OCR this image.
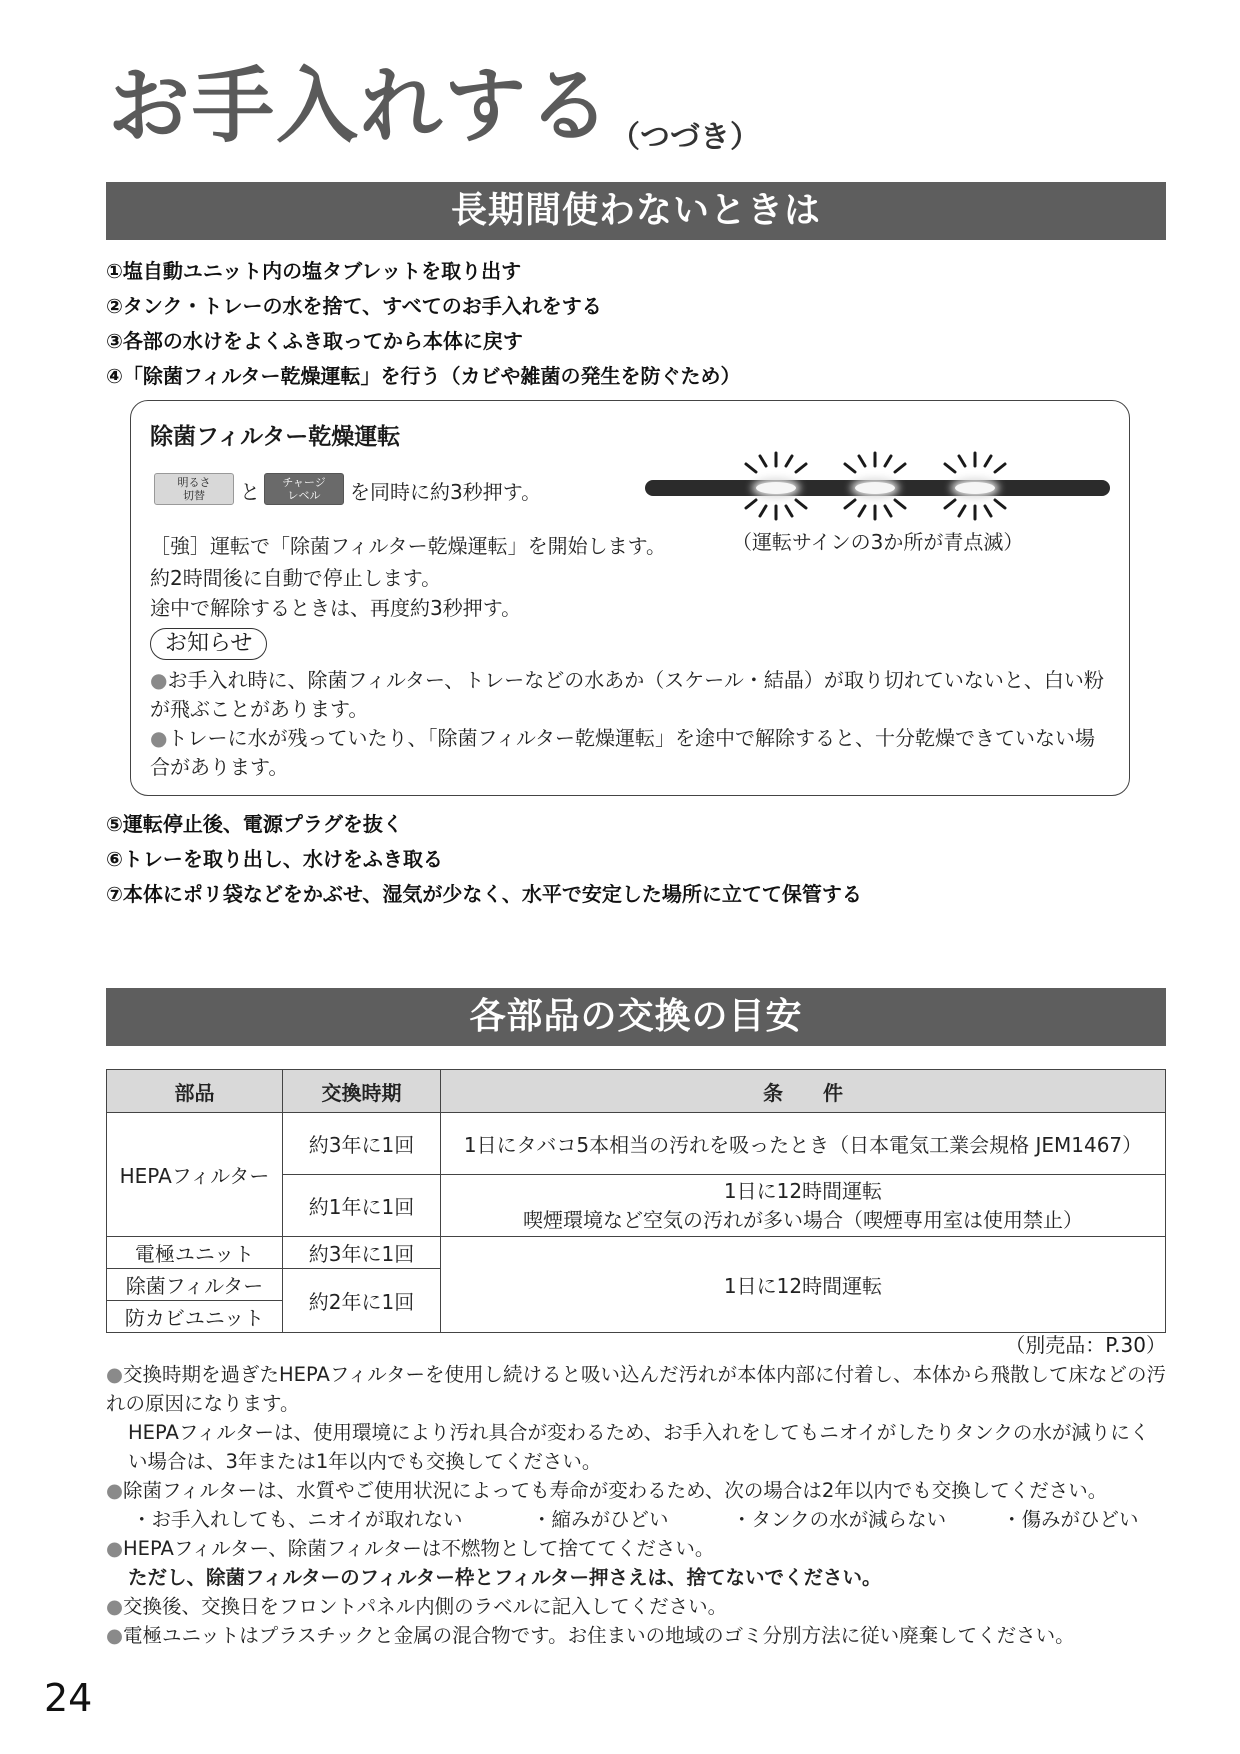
お手入れする
（つづき）
長期間使わないときは
①塩自動ユニット内の塩タブレットを取り出す
②タンク・トレーの水を捨て、すべてのお手入れをする
③各部の水けをよくふき取ってから本体に戻す
④「除菌フィルター乾燥運転」を行う（カビや雑菌の発生を防ぐため）
除菌フィルター乾燥運転
明るさ
切替 と チャージ
レベル を同時に約3秒押す。
［強］運転で「除菌フィルター乾燥運転」を開始します。
約2時間後に自動で停止します。
途中で解除するときは、再度約3秒押す。
（運転サインの3か所が青点滅）
お知らせ
●お手入れ時に、除菌フィルター、トレーなどの水あか（スケール・結晶）が取り切れていないと、白い粉が飛ぶことがあります。
●トレーに水が残っていたり、「除菌フィルター乾燥運転」を途中で解除すると、十分乾燥できていない場合があります。
⑤運転停止後、電源プラグを抜く
⑥トレーを取り出し、水けをふき取る
⑦本体にポリ袋などをかぶせ、湿気が少なく、水平で安定した場所に立てて保管する
各部品の交換の目安
部品	交換時期	条　　件
HEPAフィルター	約3年に1回	1日にタバコ5本相当の汚れを吸ったとき（日本電気工業会規格 JEM1467）
	約1年に1回	1日に12時間運転
喫煙環境など空気の汚れが多い場合（喫煙専用室は使用禁止）

電極ユニット	約3年に1回	1日に12時間運転
除菌フィルター	約2年に1回	
防カビユニット		
（別売品：P.30）
●交換時期を過ぎたHEPAフィルターを使用し続けると吸い込んだ汚れが本体内部に付着し、本体から飛散して床などの汚れの原因になります。
HEPAフィルターは、使用環境により汚れ具合が変わるため、お手入れをしてもニオイがしたりタンクの水が減りにくい場合は、3年または1年以内でも交換してください。
●除菌フィルターは、水質やご使用状況によっても寿命が変わるため、次の場合は2年以内でも交換してください。
・お手入れしても、ニオイが取れない	・縮みがひどい	・タンクの水が減らない	・傷みがひどい
●HEPAフィルター、除菌フィルターは不燃物として捨ててください。
ただし、除菌フィルターのフィルター枠とフィルター押さえは、捨てないでください。
●交換後、交換日をフロントパネル内側のラベルに記入してください。
●電極ユニットはプラスチックと金属の混合物です。お住まいの地域のゴミ分別方法に従い廃棄してください。
24
